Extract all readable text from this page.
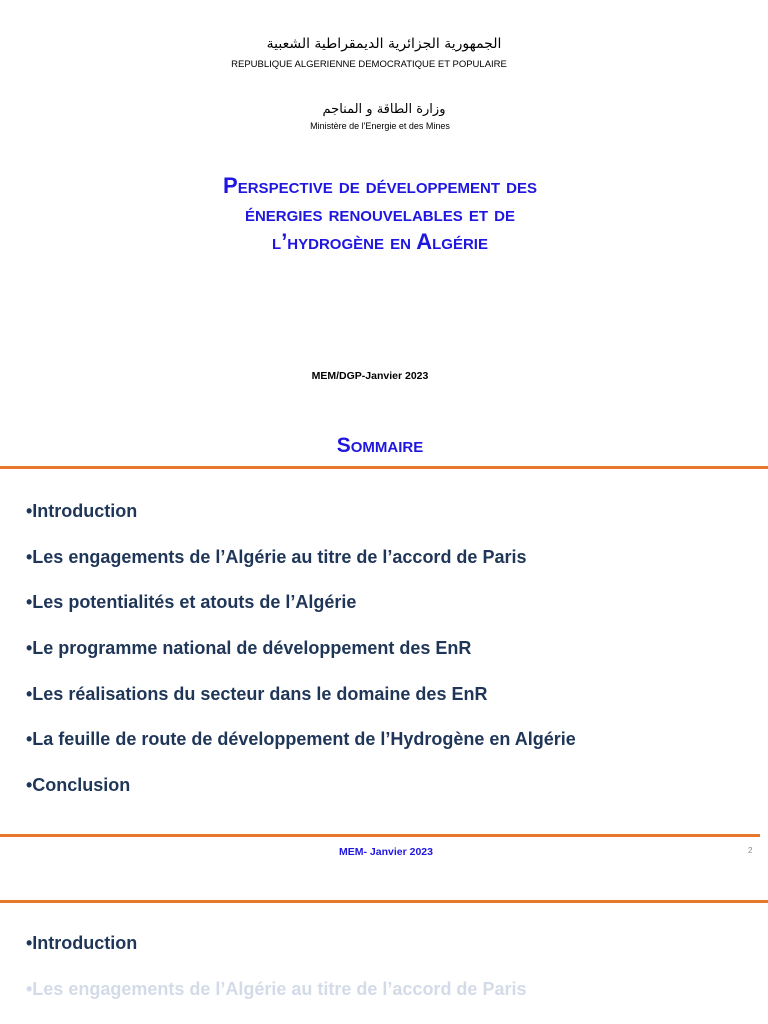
الجمهورية الجزائرية الديمقراطية الشعبية
REPUBLIQUE ALGERIENNE DEMOCRATIQUE ET POPULAIRE
وزارة الطاقة و المناجم
Ministère de l'Energie et des Mines
Perspective de développement des
énergies renouvelables et de
l’hydrogène en Algérie
MEM/DGP-Janvier 2023
Sommaire
•Introduction
•Les engagements de l’Algérie au titre de l’accord de Paris
•Les potentialités et atouts de l’Algérie
•Le programme national de développement des EnR
•Les réalisations du secteur dans le domaine des EnR
•La feuille de route de développement de l’Hydrogène en Algérie
•Conclusion
MEM- Janvier 2023	2
•Introduction
•Les engagements de l’Algérie au titre de l’accord de Paris
